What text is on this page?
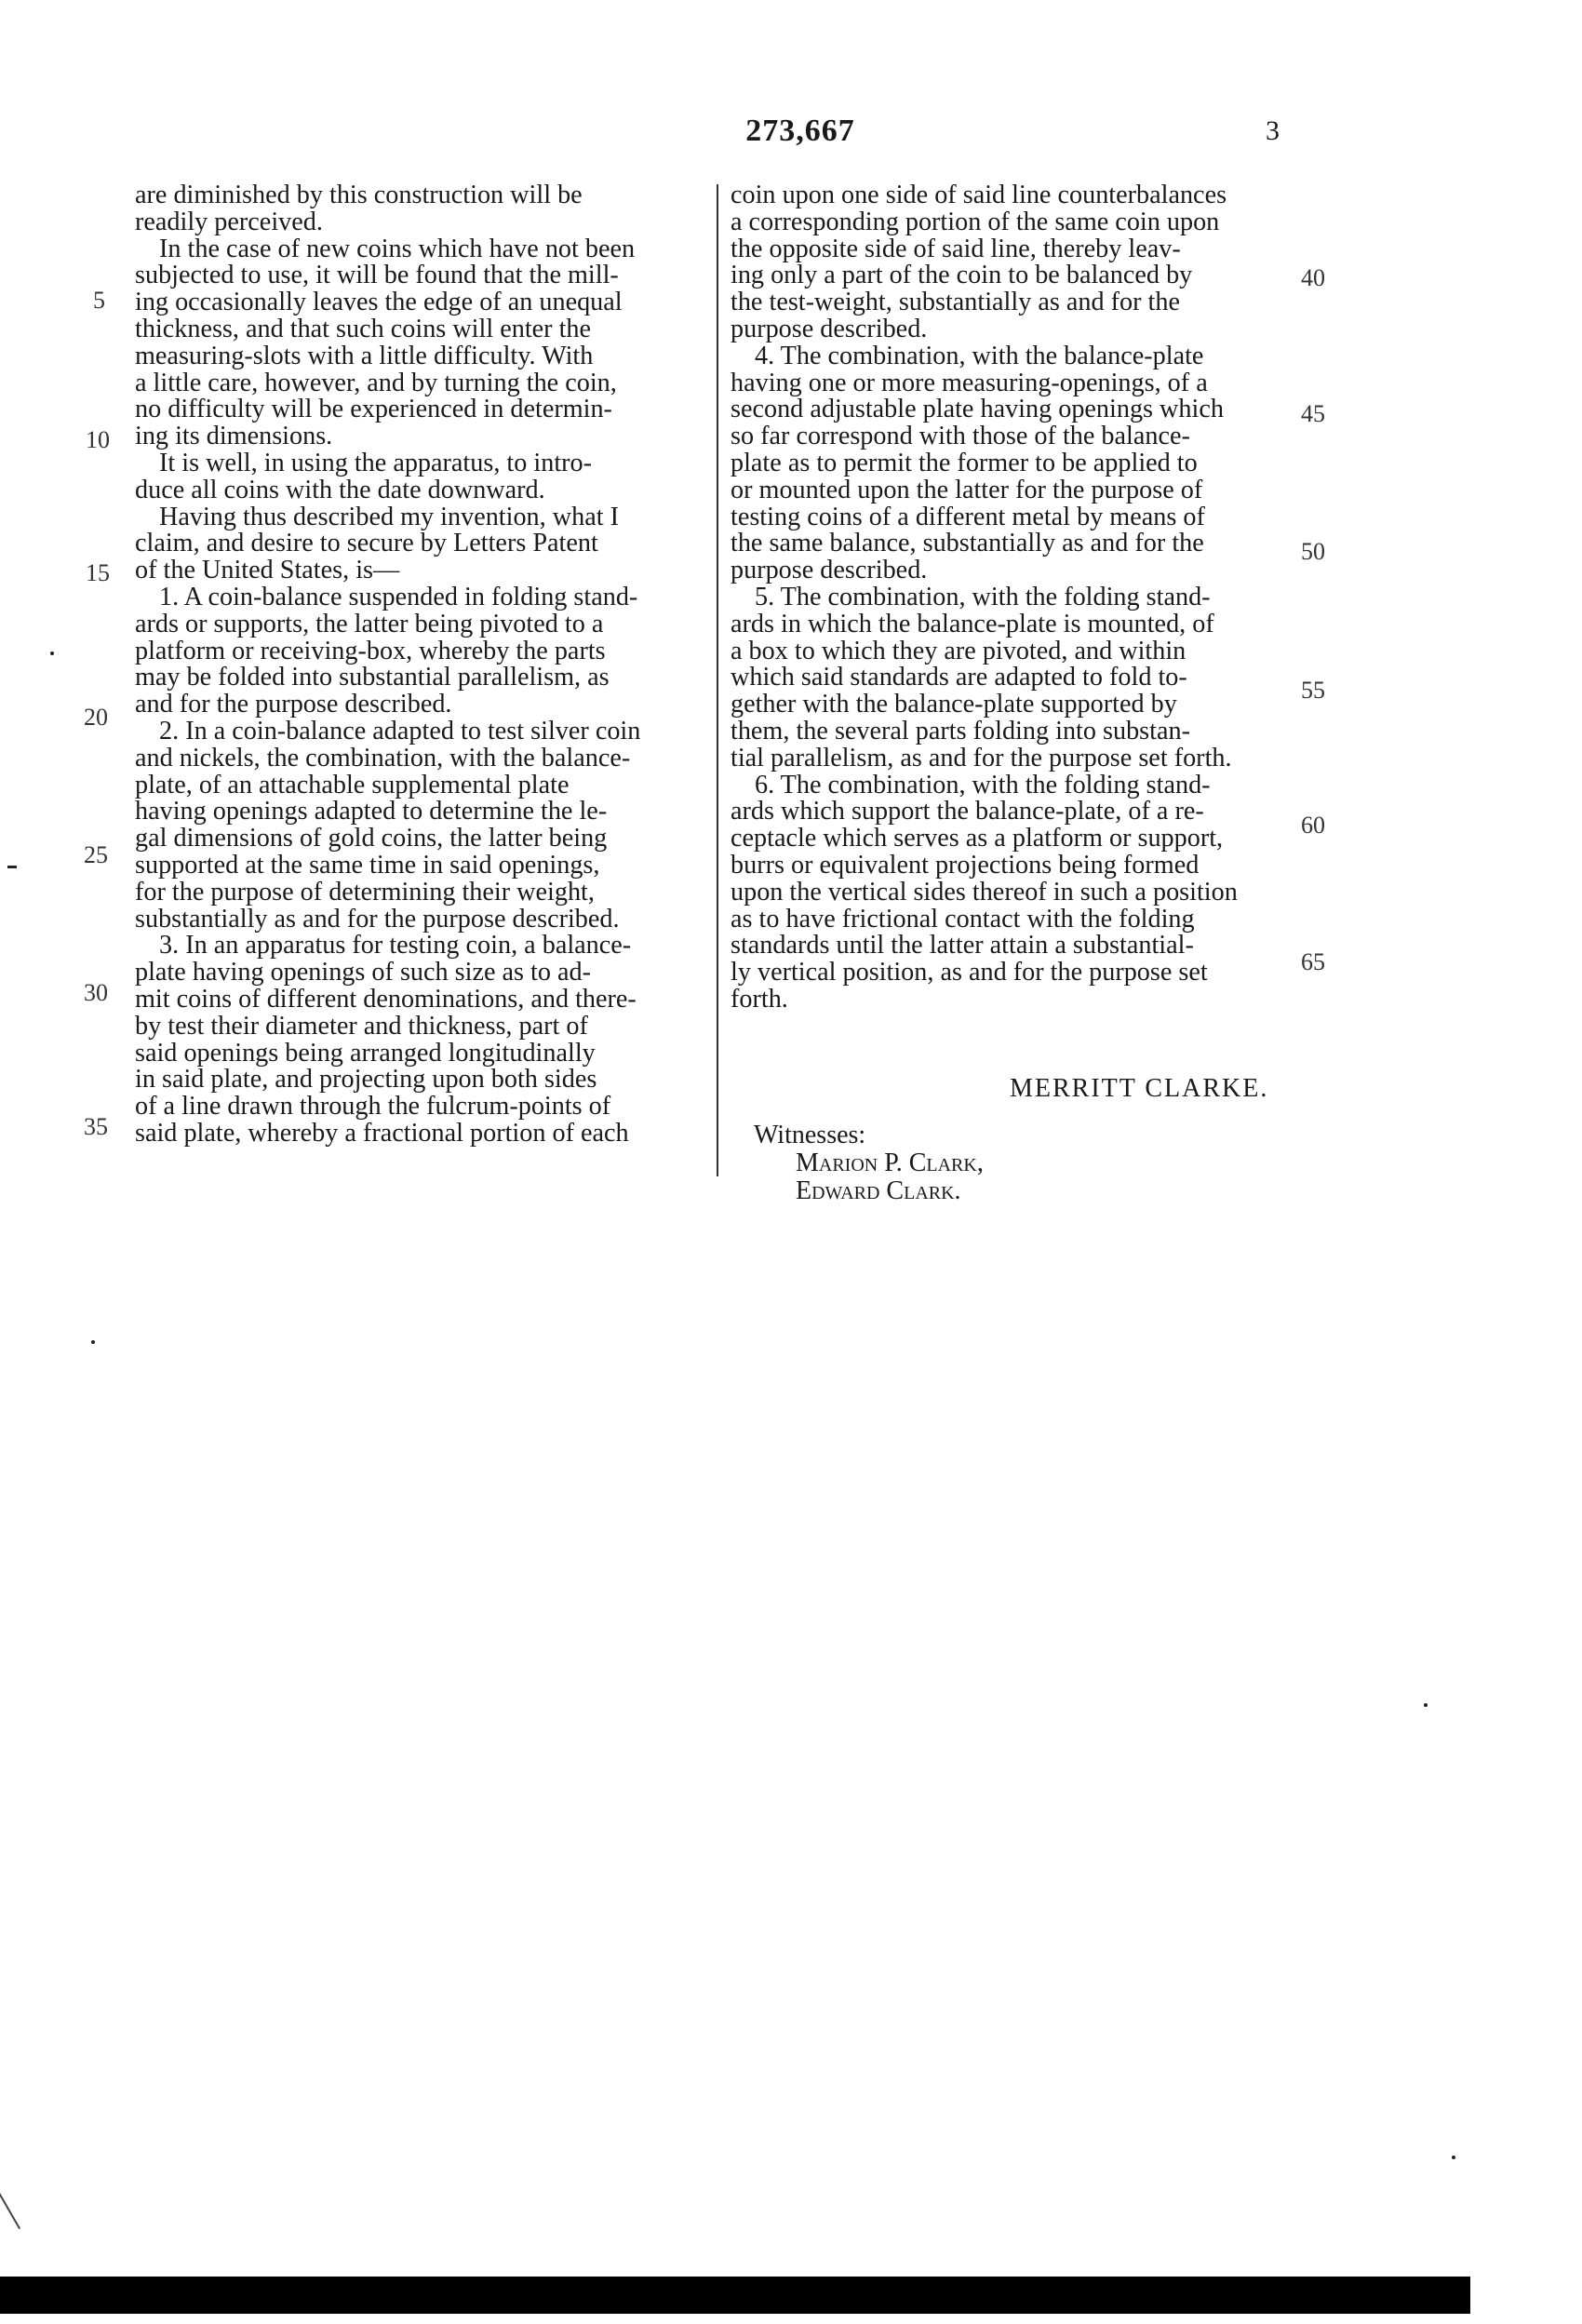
273,667	3
are diminished by this construction will be
readily perceived.
In the case of new coins which have not been
subjected to use, it will be found that the mill-
ing occasionally leaves the edge of an unequal
thickness, and that such coins will enter the
measuring-slots with a little difficulty. With
a little care, however, and by turning the coin,
no difficulty will be experienced in determin-
ing its dimensions.
It is well, in using the apparatus, to intro-
duce all coins with the date downward.
Having thus described my invention, what I
claim, and desire to secure by Letters Patent
of the United States, is—
1. A coin-balance suspended in folding stand-
ards or supports, the latter being pivoted to a
platform or receiving-box, whereby the parts
may be folded into substantial parallelism, as
and for the purpose described.
2. In a coin-balance adapted to test silver coin
and nickels, the combination, with the balance-
plate, of an attachable supplemental plate
having openings adapted to determine the le-
gal dimensions of gold coins, the latter being
supported at the same time in said openings,
for the purpose of determining their weight,
substantially as and for the purpose described.
3. In an apparatus for testing coin, a balance-
plate having openings of such size as to ad-
mit coins of different denominations, and there-
by test their diameter and thickness, part of
said openings being arranged longitudinally
in said plate, and projecting upon both sides
of a line drawn through the fulcrum-points of
said plate, whereby a fractional portion of each
coin upon one side of said line counterbalances
a corresponding portion of the same coin upon
the opposite side of said line, thereby leav-
ing only a part of the coin to be balanced by
the test-weight, substantially as and for the
purpose described.
4. The combination, with the balance-plate
having one or more measuring-openings, of a
second adjustable plate having openings which
so far correspond with those of the balance-
plate as to permit the former to be applied to
or mounted upon the latter for the purpose of
testing coins of a different metal by means of
the same balance, substantially as and for the
purpose described.
5. The combination, with the folding stand-
ards in which the balance-plate is mounted, of
a box to which they are pivoted, and within
which said standards are adapted to fold to-
gether with the balance-plate supported by
them, the several parts folding into substan-
tial parallelism, as and for the purpose set forth.
6. The combination, with the folding stand-
ards which support the balance-plate, of a re-
ceptacle which serves as a platform or support,
burrs or equivalent projections being formed
upon the vertical sides thereof in such a position
as to have frictional contact with the folding
standards until the latter attain a substantial-
ly vertical position, as and for the purpose set
forth.
5
10
15
20
25
30
35
40
45
50
55
60
65
MERRITT CLARKE.
Witnesses:
Marion P. Clark,
Edward Clark.
